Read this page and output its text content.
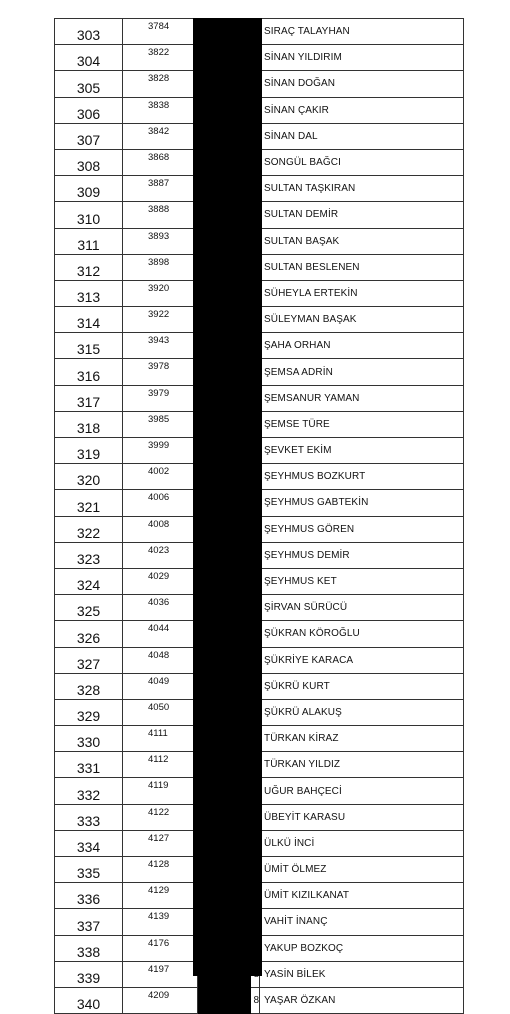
303	3784			SIRAÇ TALAYHAN
304	3822			SİNAN YILDIRIM
305	3828			SİNAN DOĞAN
306	3838			SİNAN ÇAKIR
307	3842			SİNAN DAL
308	3868			SONGÜL BAĞCI
309	3887			SULTAN TAŞKIRAN
310	3888			SULTAN DEMİR
311	3893			SULTAN BAŞAK
312	3898			SULTAN BESLENEN
313	3920			SÜHEYLA ERTEKİN
314	3922			SÜLEYMAN BAŞAK
315	3943			ŞAHA ORHAN
316	3978			ŞEMSA ADRİN
317	3979			ŞEMSANUR YAMAN
318	3985			ŞEMSE TÜRE
319	3999			ŞEVKET EKİM
320	4002			ŞEYHMUS BOZKURT
321	4006			ŞEYHMUS GABTEKİN
322	4008			ŞEYHMUS GÖREN
323	4023			ŞEYHMUS DEMİR
324	4029			ŞEYHMUS KET
325	4036			ŞİRVAN SÜRÜCÜ
326	4044			ŞÜKRAN KÖROĞLU
327	4048			ŞÜKRİYE KARACA
328	4049			ŞÜKRÜ KURT
329	4050			ŞÜKRÜ ALAKUŞ
330	4111			TÜRKAN KİRAZ
331	4112			TÜRKAN YILDIZ
332	4119			UĞUR BAHÇECİ
333	4122			ÜBEYİT KARASU
334	4127			ÜLKÜ İNCİ
335	4128			ÜMİT ÖLMEZ
336	4129			ÜMİT KIZILKANAT
337	4139			VAHİT İNANÇ
338	4176			YAKUP BOZKOÇ
339	4197			YASİN BİLEK
340	4209		8	YAŞAR ÖZKAN
